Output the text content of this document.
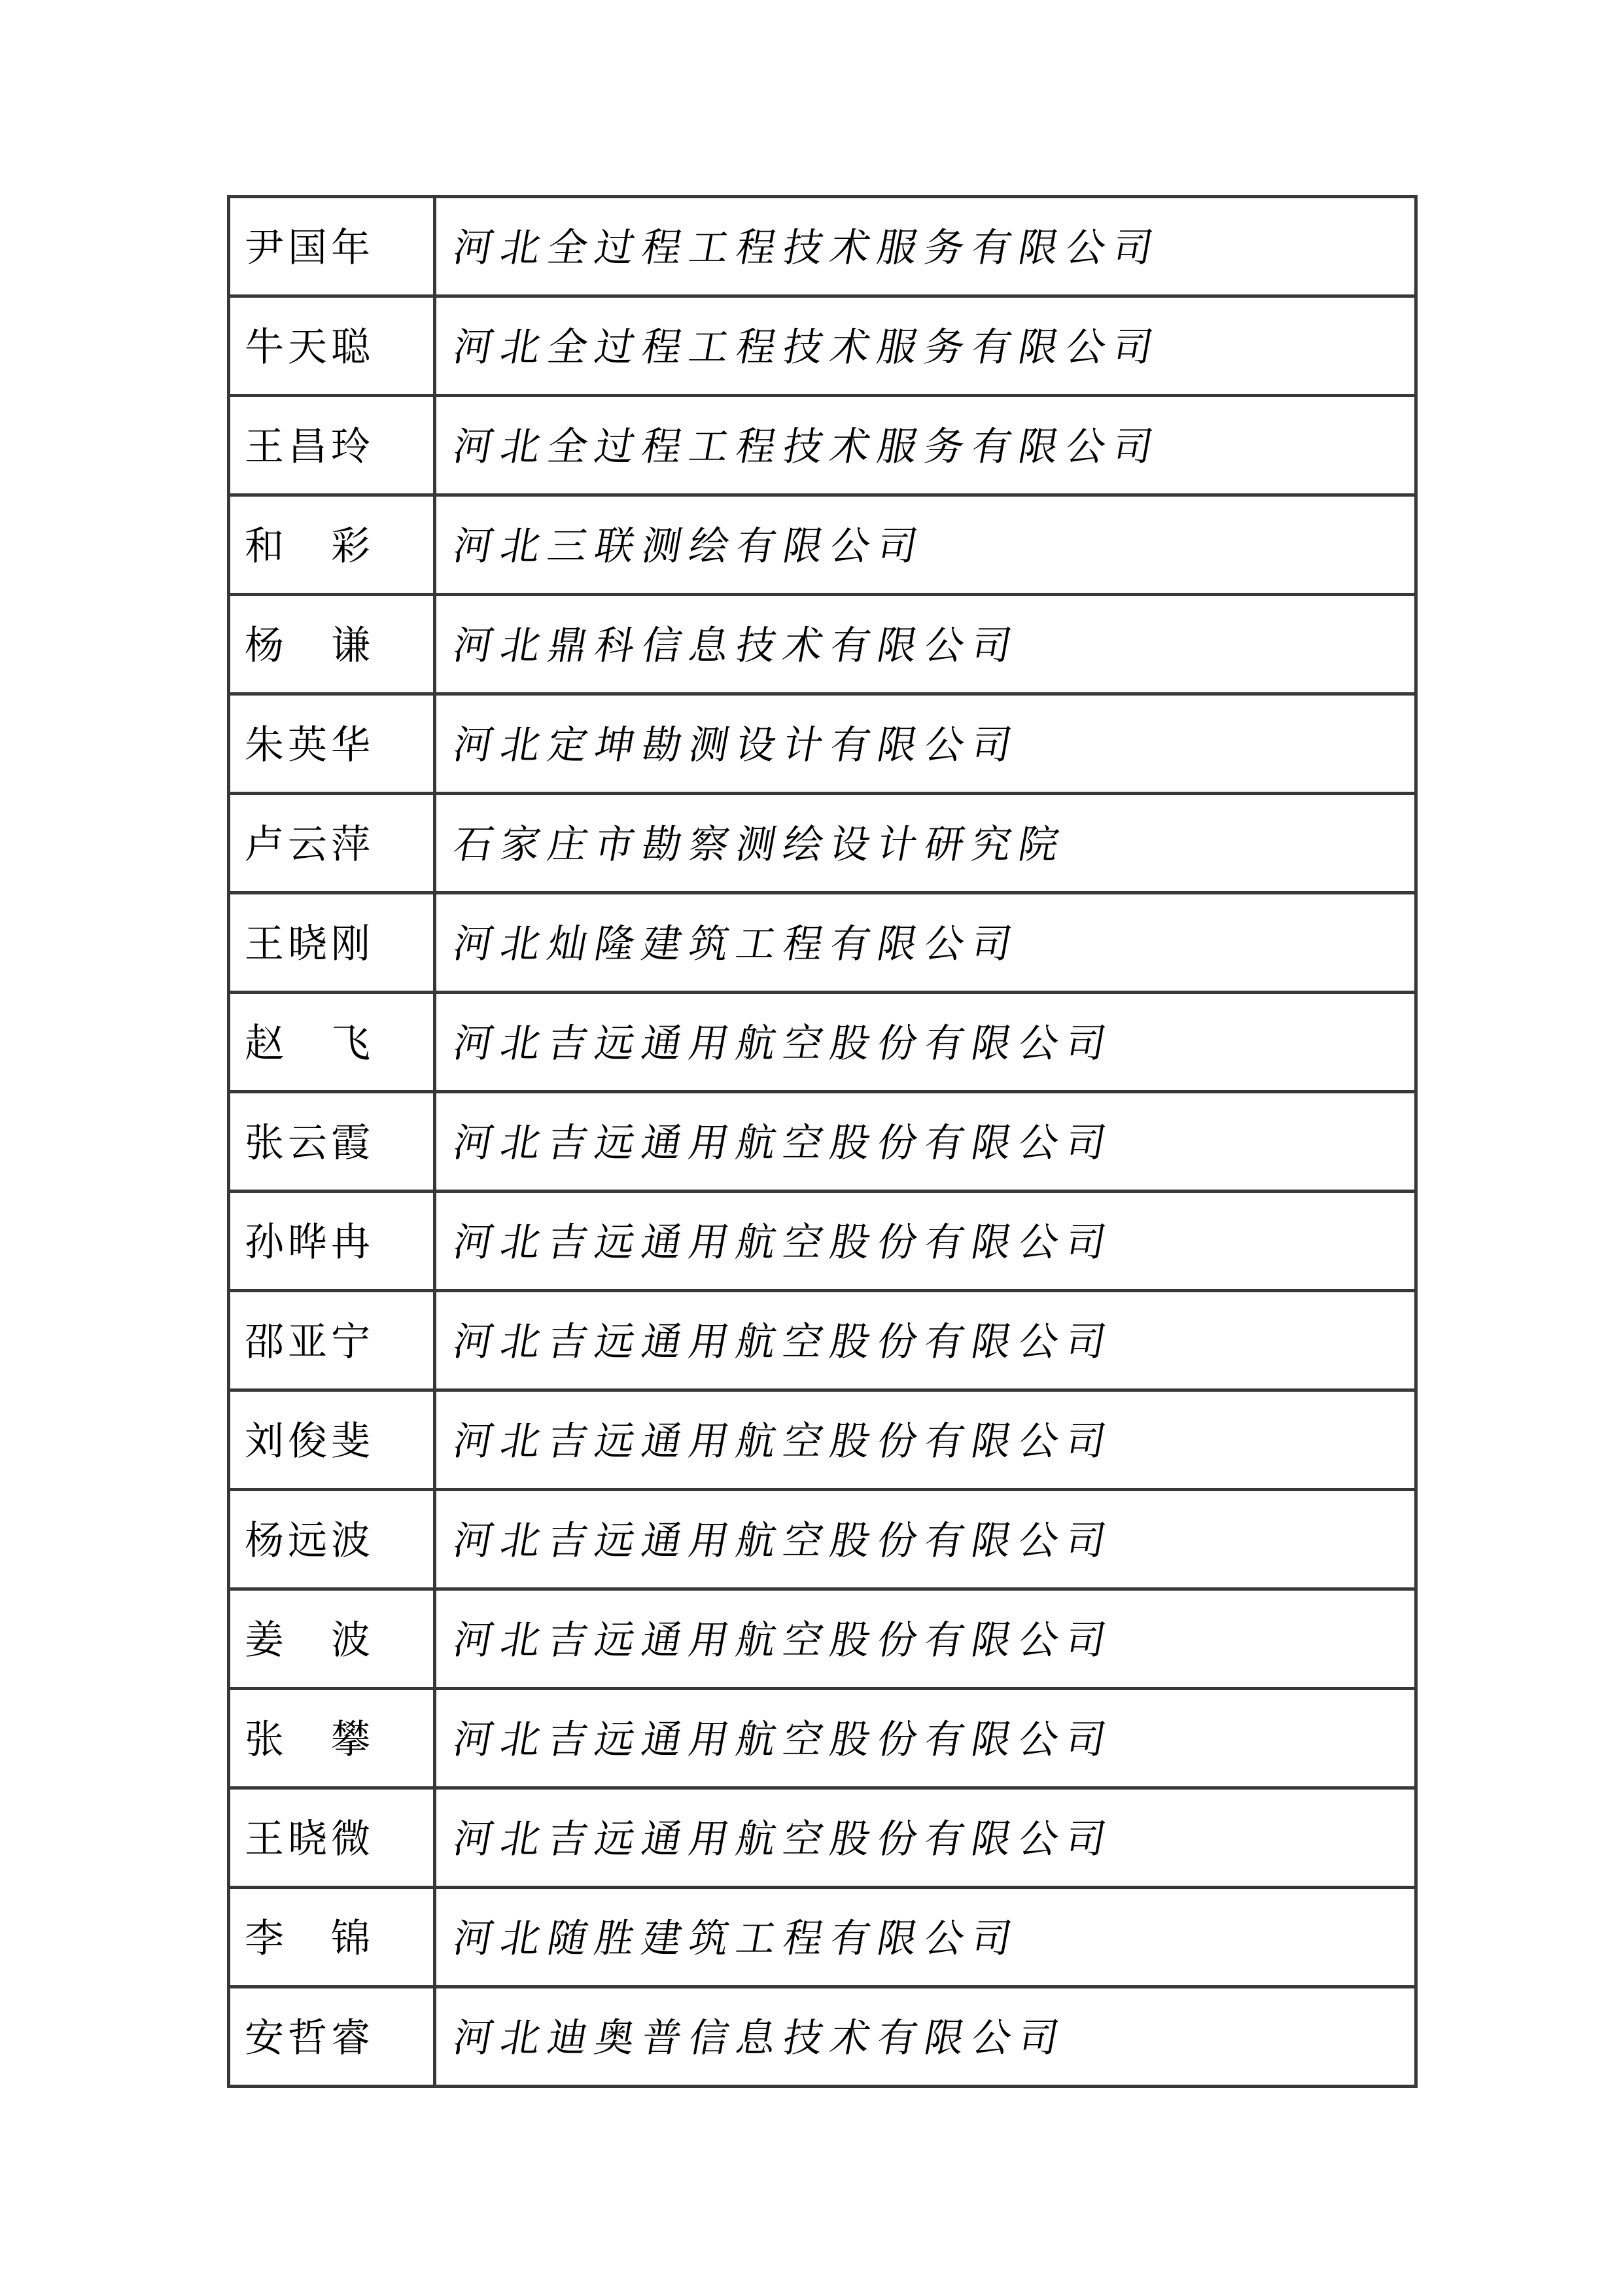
尹国年	河北全过程工程技术服务有限公司
牛天聪	河北全过程工程技术服务有限公司
王昌玲	河北全过程工程技术服务有限公司
和　彩	河北三联测绘有限公司
杨　谦	河北鼎科信息技术有限公司
朱英华	河北定坤勘测设计有限公司
卢云萍	石家庄市勘察测绘设计研究院
王晓刚	河北灿隆建筑工程有限公司
赵　飞	河北吉远通用航空股份有限公司
张云霞	河北吉远通用航空股份有限公司
孙晔冉	河北吉远通用航空股份有限公司
邵亚宁	河北吉远通用航空股份有限公司
刘俊斐	河北吉远通用航空股份有限公司
杨远波	河北吉远通用航空股份有限公司
姜　波	河北吉远通用航空股份有限公司
张　攀	河北吉远通用航空股份有限公司
王晓微	河北吉远通用航空股份有限公司
李　锦	河北随胜建筑工程有限公司
安哲睿	河北迪奥普信息技术有限公司
